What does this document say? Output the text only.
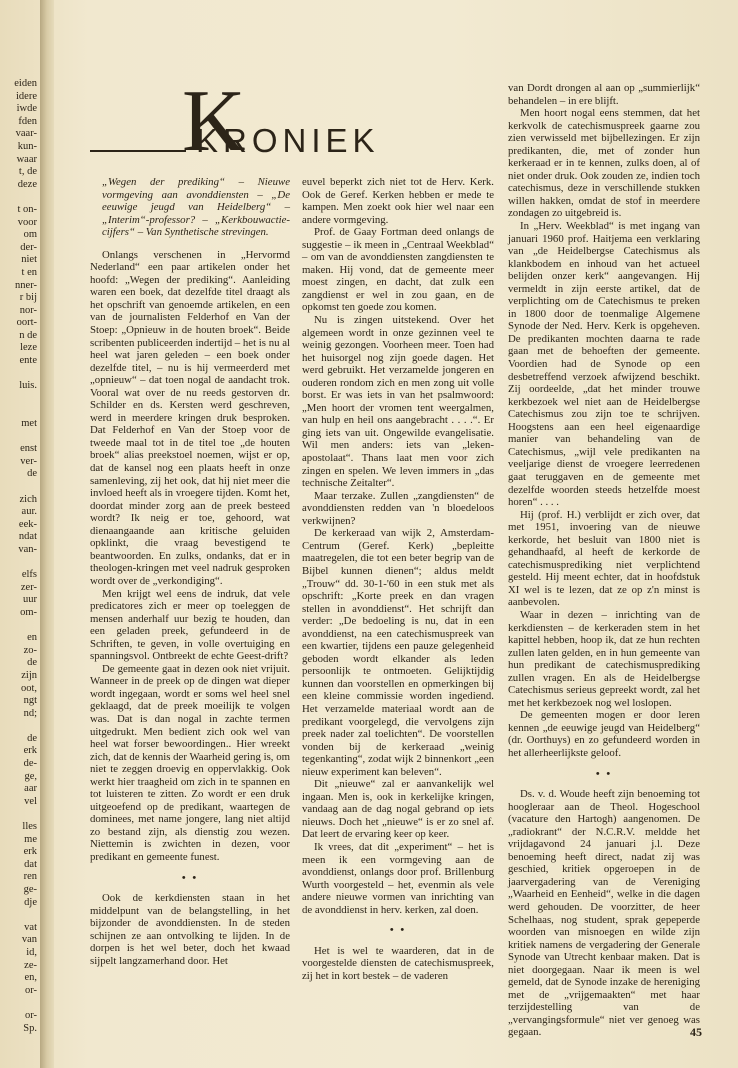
eiden
idere
iwde
fden
vaar-
kun-
waar
t, de
deze

t on-
voor
om
der-
niet
t en
nner-
r bij
nor-
oort-
n de
leze
ente

luis.

met

enst
ver-
de

zich
aur.
eek-
ndat
van-

elfs
zer-
uur
om-

en
zo-
de
zijn
oot,
ngt
nd;

de
erk
de-
ge,
aar
vel

lles
me
erk
dat
ren
ge-
dje

vat
van
id,
ze-
en,
or-

or-
Sp.
K
KRONIEK

„Wegen der prediking“ – Nieuwe vormgeving aan avonddiensten – „De eeuwige jeugd van Heidelberg“ – „Interim“-professor? – „Kerkbouwactie-cijfers“ – Van Synthetische strevingen.

Onlangs verschenen in „Hervormd Nederland“ een paar artikelen onder het hoofd: „Wegen der prediking“. Aanleiding waren een boek, dat dezelfde titel draagt als het opschrift van genoemde artikelen, en een van de journalisten Felderhof en Van der Stoep: „Opnieuw in de houten broek“. Beide scribenten publiceerden indertijd – het is nu al heel wat jaren geleden – een boek onder dezelfde titel, – nu is hij vermeerderd met „opnieuw“ – dat toen nogal de aandacht trok. Vooral wat over de nu reeds gestorven dr. Schilder en ds. Kersten werd geschreven, werd in meerdere kringen druk besproken. Dat Felderhof en Van der Stoep voor de tweede maal tot in de titel toe „de houten broek“ alias preekstoel noemen, wijst er op, dat de kansel nog een plaats heeft in onze samenleving, zij het ook, dat hij niet meer die invloed heeft als in vroegere tijden. Komt het, doordat minder zorg aan de preek besteed wordt? Ik neig er toe, gehoord, wat dienaangaande aan kritische geluiden opklinkt, die vraag bevestigend te beantwoorden. En zulks, ondanks, dat er in theologen-kringen met veel nadruk gesproken wordt over de „verkondiging“.

Men krijgt wel eens de indruk, dat vele predicatores zich er meer op toeleggen de mensen anderhalf uur bezig te houden, dan een geladen preek, gefundeerd in de Schriften, te geven, in volle overtuiging en spanningsvol. Ontbreekt de echte Geest-drift?

De gemeente gaat in dezen ook niet vrijuit. Wanneer in de preek op de dingen wat dieper wordt ingegaan, wordt er soms wel heel snel geklaagd, dat de preek moeilijk te volgen was. Dat is dan nogal in zachte termen uitgedrukt. Men bedient zich ook wel van heel wat forser bewoordingen.. Hier wreekt zich, dat de kennis der Waarheid gering is, om niet te zeggen droevig en oppervlakkig. Ook werkt hier traagheid om zich in te spannen en tot luisteren te zitten. Zo wordt er een druk uitgeoefend op de predikant, waartegen de dominees, met name jongere, lang niet altijd zo bestand zijn, als dienstig zou wezen. Niettemin is zwichten in dezen, voor predikant en gemeente funest.

• •

Ook de kerkdiensten staan in het middelpunt van de belangstelling, in het bijzonder de avonddiensten. In de steden schijnen ze aan ontvolking te lijden. In de dorpen is het wel beter, doch het kwaad sijpelt langzamerhand door. Het

euvel beperkt zich niet tot de Herv. Kerk. Ook de Geref. Kerken hebben er mede te kampen. Men zoekt ook hier wel naar een andere vormgeving.

Prof. de Gaay Fortman deed onlangs de suggestie – ik meen in „Centraal Weekblad“ – om van de avonddiensten zangdiensten te maken. Hij vond, dat de gemeente meer moest zingen, en dacht, dat zulk een zangdienst er wel in zou gaan, en de opkomst ten goede zou komen.

Nu is zingen uitstekend. Over het algemeen wordt in onze gezinnen veel te weinig gezongen. Voorheen meer. Toen had het huisorgel nog zijn goede dagen. Het werd gebruikt. Het verzamelde jongeren en ouderen rondom zich en men zong uit volle borst. Er was iets in van het psalmwoord: „Men hoort der vromen tent weergalmen, van hulp en heil ons aangebracht . . . .“. Er ging iets van uit. Ongewilde evangelisatie. Wil men anders: iets van „leken-apostolaat“. Thans laat men voor zich zingen en spelen. We leven immers in „das technische Zeitalter“.

Maar terzake. Zullen „zangdiensten“ de avonddiensten redden van 'n bloedeloos verkwijnen?

De kerkeraad van wijk 2, Amsterdam-Centrum (Geref. Kerk) „bepleitte maatregelen, die tot een beter begrip van de Bijbel kunnen dienen“; aldus meldt „Trouw“ dd. 30-1-'60 in een stuk met als opschrift: „Korte preek en dan vragen stellen in avonddienst“. Het schrijft dan verder: „De bedoeling is nu, dat in een avonddienst, na een catechismuspreek van een kwartier, tijdens een pauze gelegenheid geboden wordt elkander als leden persoonlijk te ontmoeten. Gelijktijdig kunnen dan voorstellen en opmerkingen bij een kleine commissie worden ingediend. Het verzamelde materiaal wordt aan de predikant voorgelegd, die vervolgens zijn preek nader zal toelichten“. De voorstellen vonden bij de kerkeraad „weinig tegenkanting“, zodat wijk 2 binnenkort „een nieuw experiment kan beleven“.

Dit „nieuwe“ zal er aanvankelijk wel ingaan. Men is, ook in kerkelijke kringen, vandaag aan de dag nogal gebrand op iets nieuws. Doch het „nieuwe“ is er zo snel af. Dat leert de ervaring keer op keer.

Ik vrees, dat dit „experiment“ – het is meen ik een vormgeving aan de avonddienst, onlangs door prof. Brillenburg Wurth voorgesteld – het, evenmin als vele andere nieuwe vormen van inrichting van de avonddienst in herv. kerken, zal doen.

• •

Het is wel te waarderen, dat in de voorgestelde diensten de catechismuspreek, zij het in kort bestek – de vaderen

van Dordt drongen al aan op „summierlijk“ behandelen – in ere blijft.

Men hoort nogal eens stemmen, dat het kerkvolk de catechismuspreek gaarne zou zien verwisseld met bijbellezingen. Er zijn predikanten, die, met of zonder hun kerkeraad er in te kennen, zulks doen, al of niet onder druk. Ook zouden ze, indien toch catechismus, deze in verschillende stukken willen hakken, omdat de stof in meerdere zondagen zo uitgebreid is.

In „Herv. Weekblad“ is met ingang van januari 1960 prof. Haitjema een verklaring van „de Heidelbergse Catechismus als klankbodem en inhoud van het actueel belijden onzer kerk“ aangevangen. Hij vermeldt in zijn eerste artikel, dat de verplichting om de Catechismus te preken in 1800 door de toenmalige Algemene Synode der Ned. Herv. Kerk is opgeheven. De predikanten mochten daarna te rade gaan met de behoeften der gemeente. Voordien had de Synode op een desbetreffend verzoek afwijzend beschikt. Zij oordeelde, „dat het minder trouwe kerkbezoek wel niet aan de Heidelbergse Catechismus zou zijn toe te schrijven. Hoogstens aan een heel eigenaardige manier van behandeling van de Catechismus, „wijl vele predikanten na veeljarige dienst de vroegere leerredenen gaat teruggaven en de gemeente met dezelfde woorden steeds hetzelfde moest horen“ . . . .

Hij (prof. H.) verblijdt er zich over, dat met 1951, invoering van de nieuwe kerkorde, het besluit van 1800 niet is gehandhaafd, al heeft de kerkorde de catechismusprediking niet verplichtend gesteld. Hij meent echter, dat in hoofdstuk XI wel is te lezen, dat ze op z'n minst is aanbevolen.

Waar in dezen – inrichting van de kerkdiensten – de kerkeraden stem in het kapittel hebben, hoop ik, dat ze hun rechten zullen laten gelden, en in hun gemeente van hun predikant de catechismusprediking zullen vragen. En als de Heidelbergse Catechismus serieus gepreekt wordt, zal het met het kerkbezoek nog wel loslopen.

De gemeenten mogen er door leren kennen „de eeuwige jeugd van Heidelberg“ (dr. Oorthuys) en zo gefundeerd worden in het allerheerlijkste geloof.

• •

Ds. v. d. Woude heeft zijn benoeming tot hoogleraar aan de Theol. Hogeschool (vacature den Hartogh) aangenomen. De „radiokrant“ der N.C.R.V. meldde het vrijdagavond 24 januari j.l. Deze benoeming heeft direct, nadat zij was geschied, kritiek opgeroepen in de jaarvergadering van de Vereniging „Waarheid en Eenheid“, welke in die dagen werd gehouden. De voorzitter, de heer Schelhaas, nog student, sprak gepeperde woorden van misnoegen en wilde zijn kritiek namens de vergadering der Generale Synode van Utrecht kenbaar maken. Dat is niet doorgegaan. Naar ik meen is wel gemeld, dat de Synode inzake de hereniging met de „vrijgemaakten“ met haar terzijdestelling van de „vervangingsformule“ niet ver genoeg was gegaan.	45
